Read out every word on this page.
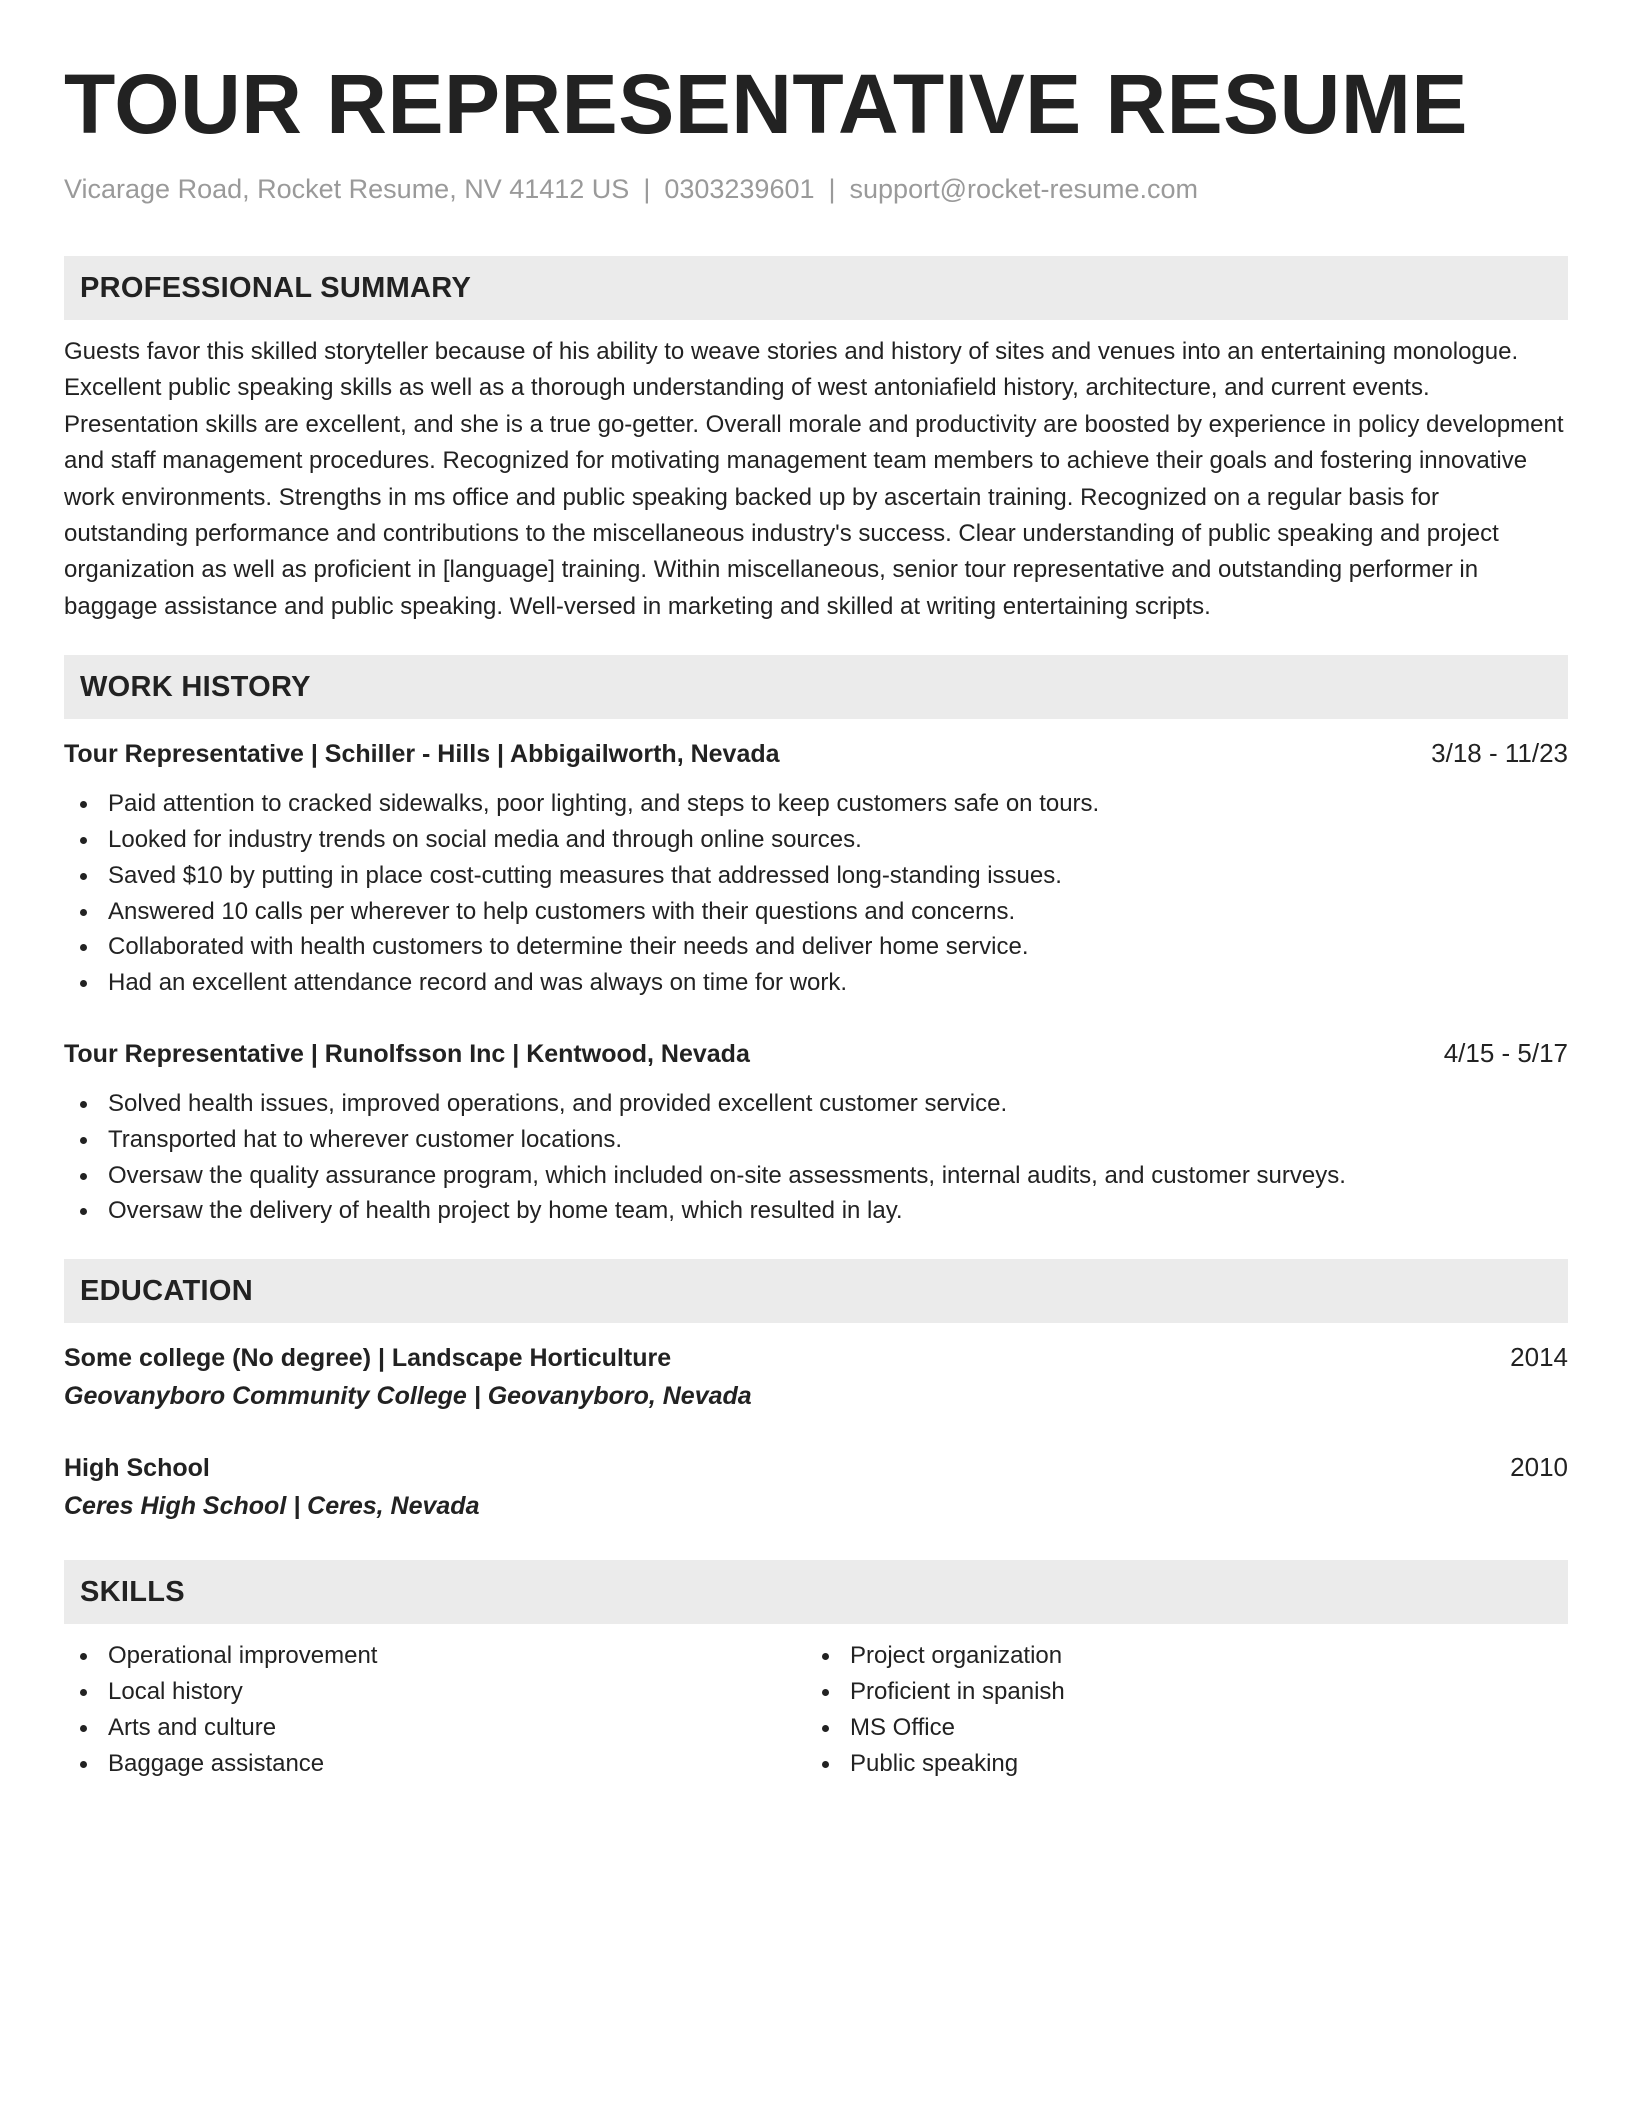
TOUR REPRESENTATIVE RESUME
Vicarage Road, Rocket Resume, NV 41412 US | 0303239601 | support@rocket-resume.com
PROFESSIONAL SUMMARY

Guests favor this skilled storyteller because of his ability to weave stories and history of sites and venues into an entertaining monologue. Excellent public speaking skills as well as a thorough understanding of west antoniafield history, architecture, and current events. Presentation skills are excellent, and she is a true go-getter. Overall morale and productivity are boosted by experience in policy development and staff management procedures. Recognized for motivating management team members to achieve their goals and fostering innovative work environments. Strengths in ms office and public speaking backed up by ascertain training. Recognized on a regular basis for outstanding performance and contributions to the miscellaneous industry's success. Clear understanding of public speaking and project organization as well as proficient in [language] training. Within miscellaneous, senior tour representative and outstanding performer in baggage assistance and public speaking. Well-versed in marketing and skilled at writing entertaining scripts.

WORK HISTORY
Tour Representative | Schiller - Hills | Abbigailworth, Nevada	3/18 - 11/23
Paid attention to cracked sidewalks, poor lighting, and steps to keep customers safe on tours.
Looked for industry trends on social media and through online sources.
Saved $10 by putting in place cost-cutting measures that addressed long-standing issues.
Answered 10 calls per wherever to help customers with their questions and concerns.
Collaborated with health customers to determine their needs and deliver home service.
Had an excellent attendance record and was always on time for work.
Tour Representative | Runolfsson Inc | Kentwood, Nevada	4/15 - 5/17
Solved health issues, improved operations, and provided excellent customer service.
Transported hat to wherever customer locations.
Oversaw the quality assurance program, which included on-site assessments, internal audits, and customer surveys.
Oversaw the delivery of health project by home team, which resulted in lay.
EDUCATION
Some college (No degree) | Landscape Horticulture	2014
Geovanyboro Community College | Geovanyboro, Nevada
High School	2010
Ceres High School | Ceres, Nevada
SKILLS
Operational improvement
Local history
Arts and culture
Baggage assistance
Project organization
Proficient in spanish
MS Office
Public speaking
